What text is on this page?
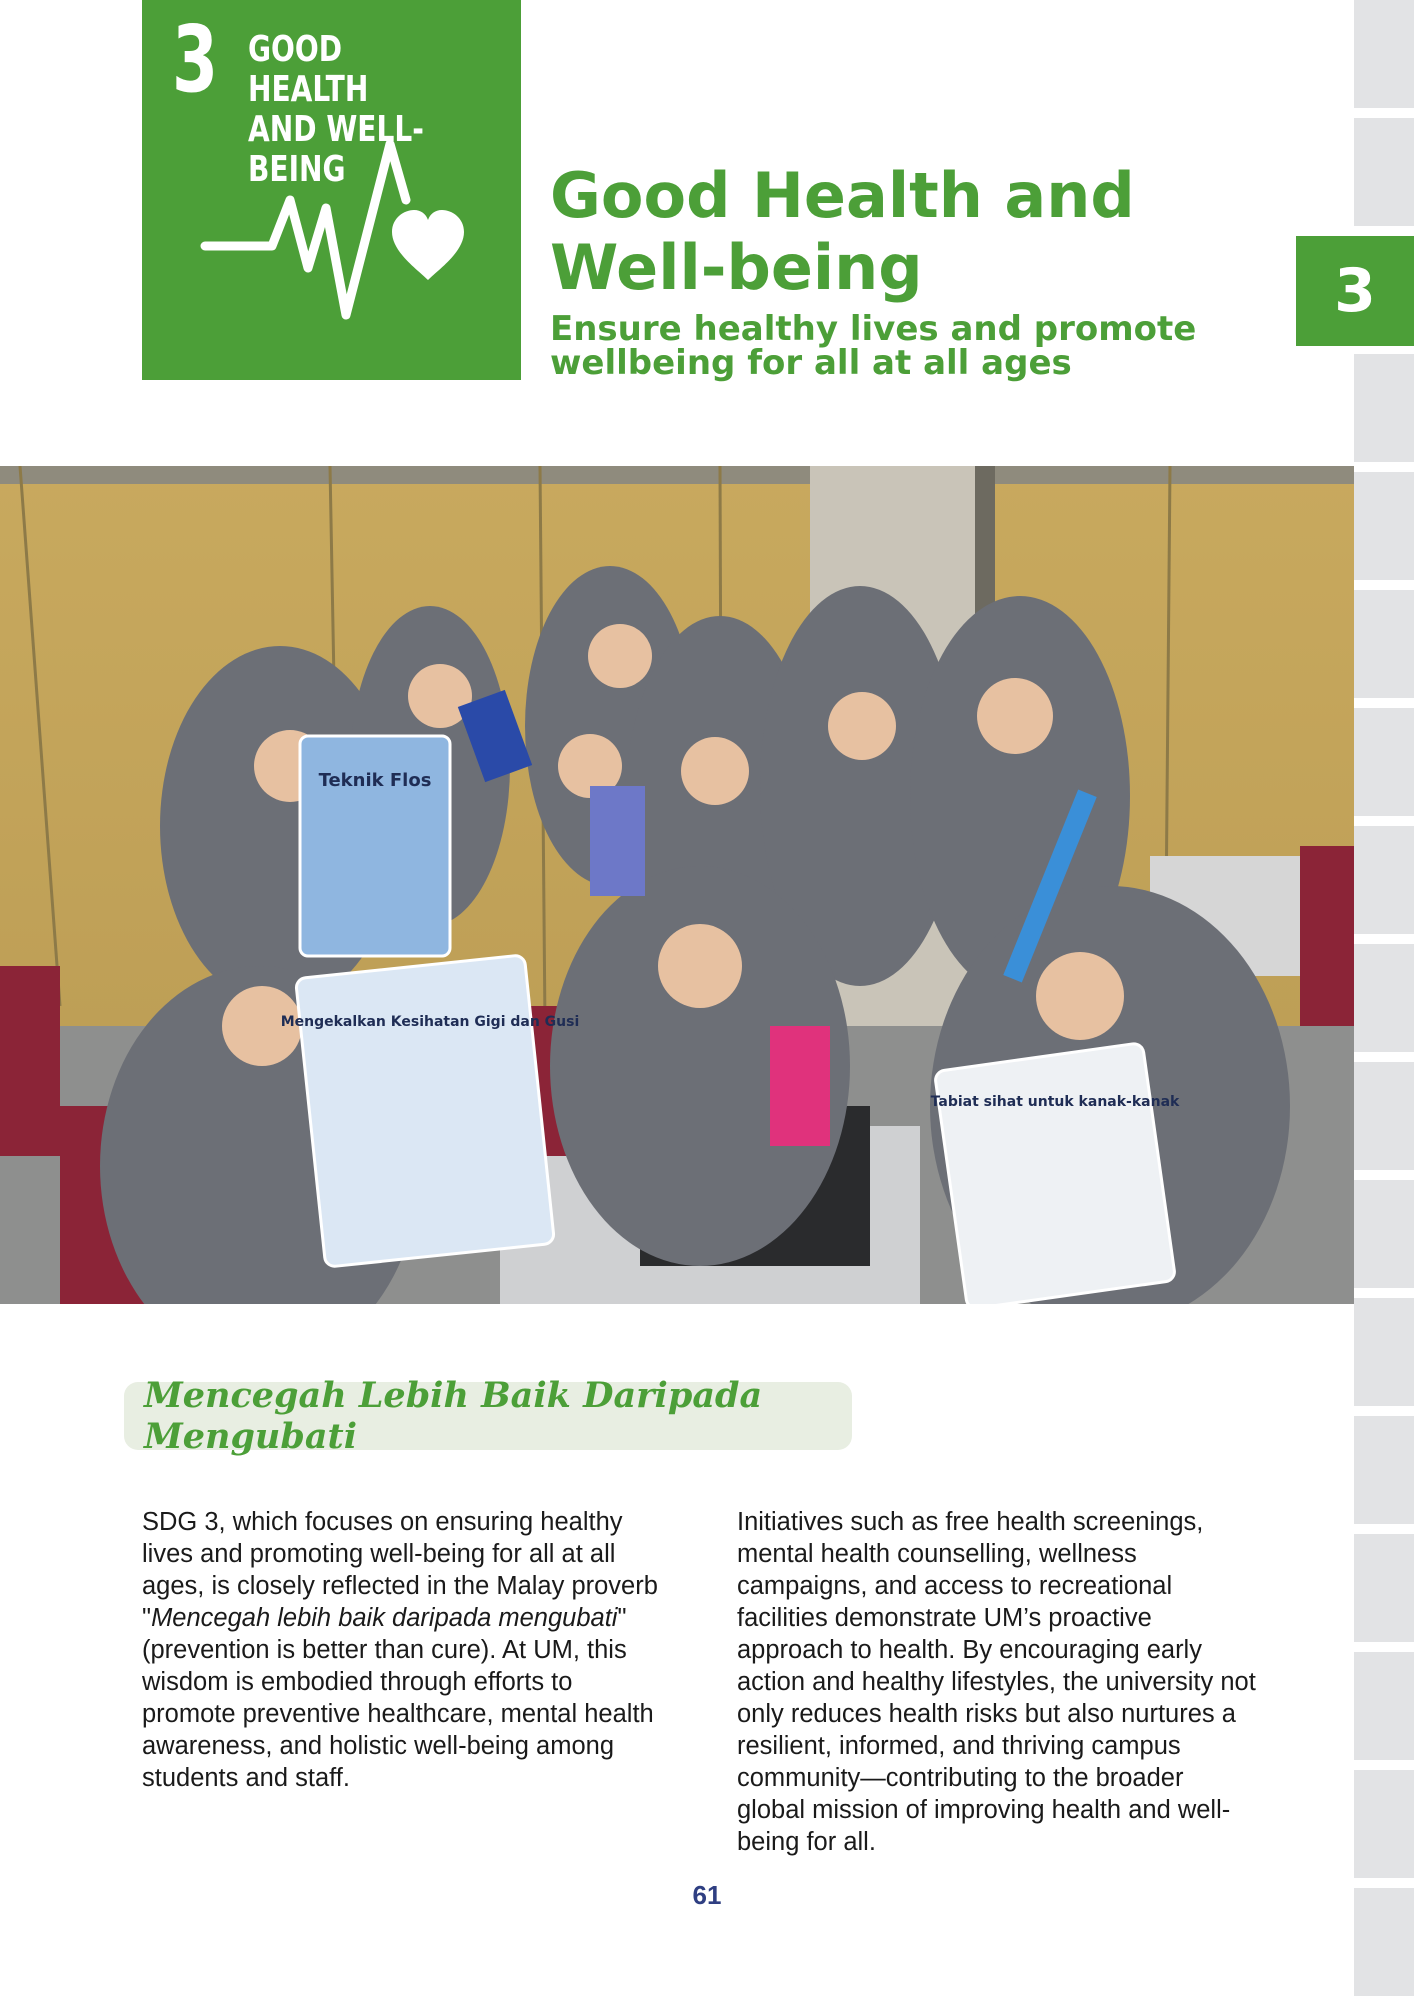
3
3 GOOD HEALTH
AND WELL-BEING	Good Health and Well-being
Ensure healthy lives and promote wellbeing for all at all ages
Teknik Flos
Mengekalkan Kesihatan Gigi dan Gusi
Tabiat sihat untuk kanak-kanak
Mencegah Lebih Baik Daripada Mengubati
SDG 3, which focuses on ensuring healthy lives and promoting well-being for all at all ages, is closely reflected in the Malay proverb "Mencegah lebih baik daripada mengubati" (prevention is better than cure). At UM, this wisdom is embodied through efforts to promote preventive healthcare, mental health awareness, and holistic well-being among students and staff.
Initiatives such as free health screenings, mental health counselling, wellness campaigns, and access to recreational facilities demonstrate UM’s proactive approach to health. By encouraging early action and healthy lifestyles, the university not only reduces health risks but also nurtures a resilient, informed, and thriving campus community—contributing to the broader global mission of improving health and well-being for all.
61
